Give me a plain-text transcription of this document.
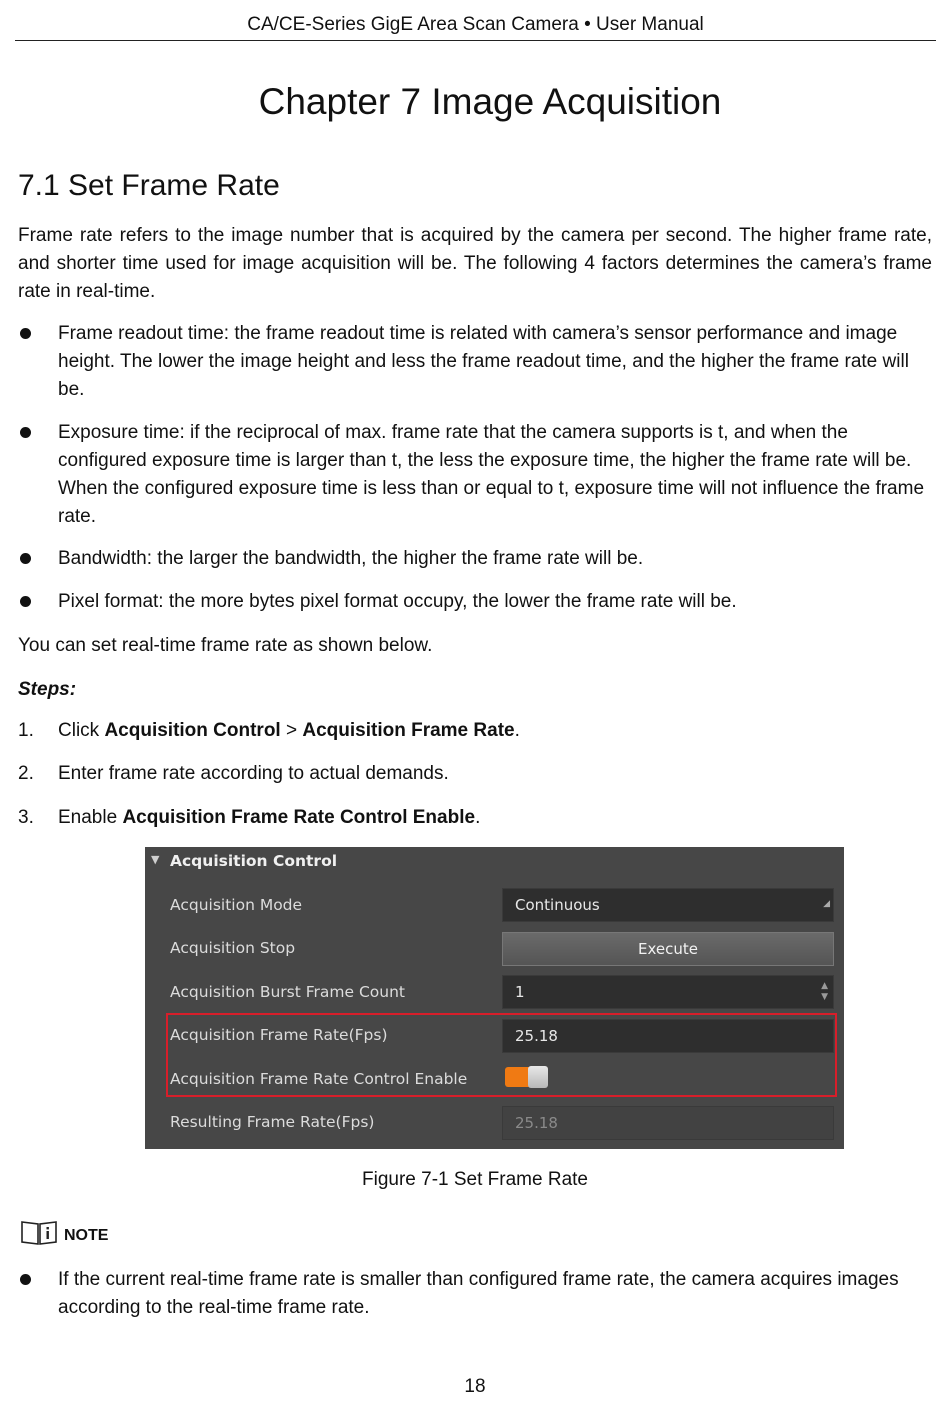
CA/CE-Series GigE Area Scan Camera • User Manual
Chapter 7 Image Acquisition
7.1 Set Frame Rate
Frame rate refers to the image number that is acquired by the camera per second. The higher frame rate, and shorter time used for image acquisition will be. The following 4 factors determines the camera’s frame rate in real-time.
Frame readout time: the frame readout time is related with camera’s sensor performance and image height. The lower the image height and less the frame readout time, and the higher the frame rate will be.
Exposure time: if the reciprocal of max. frame rate that the camera supports is t, and when the configured exposure time is larger than t, the less the exposure time, the higher the frame rate will be. When the configured exposure time is less than or equal to t, exposure time will not influence the frame rate.
Bandwidth: the larger the bandwidth, the higher the frame rate will be.
Pixel format: the more bytes pixel format occupy, the lower the frame rate will be.
You can set real-time frame rate as shown below.
Steps:
1. Click Acquisition Control > Acquisition Frame Rate.
2. Enter frame rate according to actual demands.
3. Enable Acquisition Frame Rate Control Enable.
▼ Acquisition Control
Acquisition Mode	Continuous	◢
Acquisition Stop	Execute
Acquisition Burst Frame Count	1	▲
▼
Acquisition Frame Rate(Fps)	25.18
Acquisition Frame Rate Control Enable
Resulting Frame Rate(Fps)	25.18
Figure 7-1 Set Frame Rate
NOTE
If the current real-time frame rate is smaller than configured frame rate, the camera acquires images according to the real-time frame rate.
18
